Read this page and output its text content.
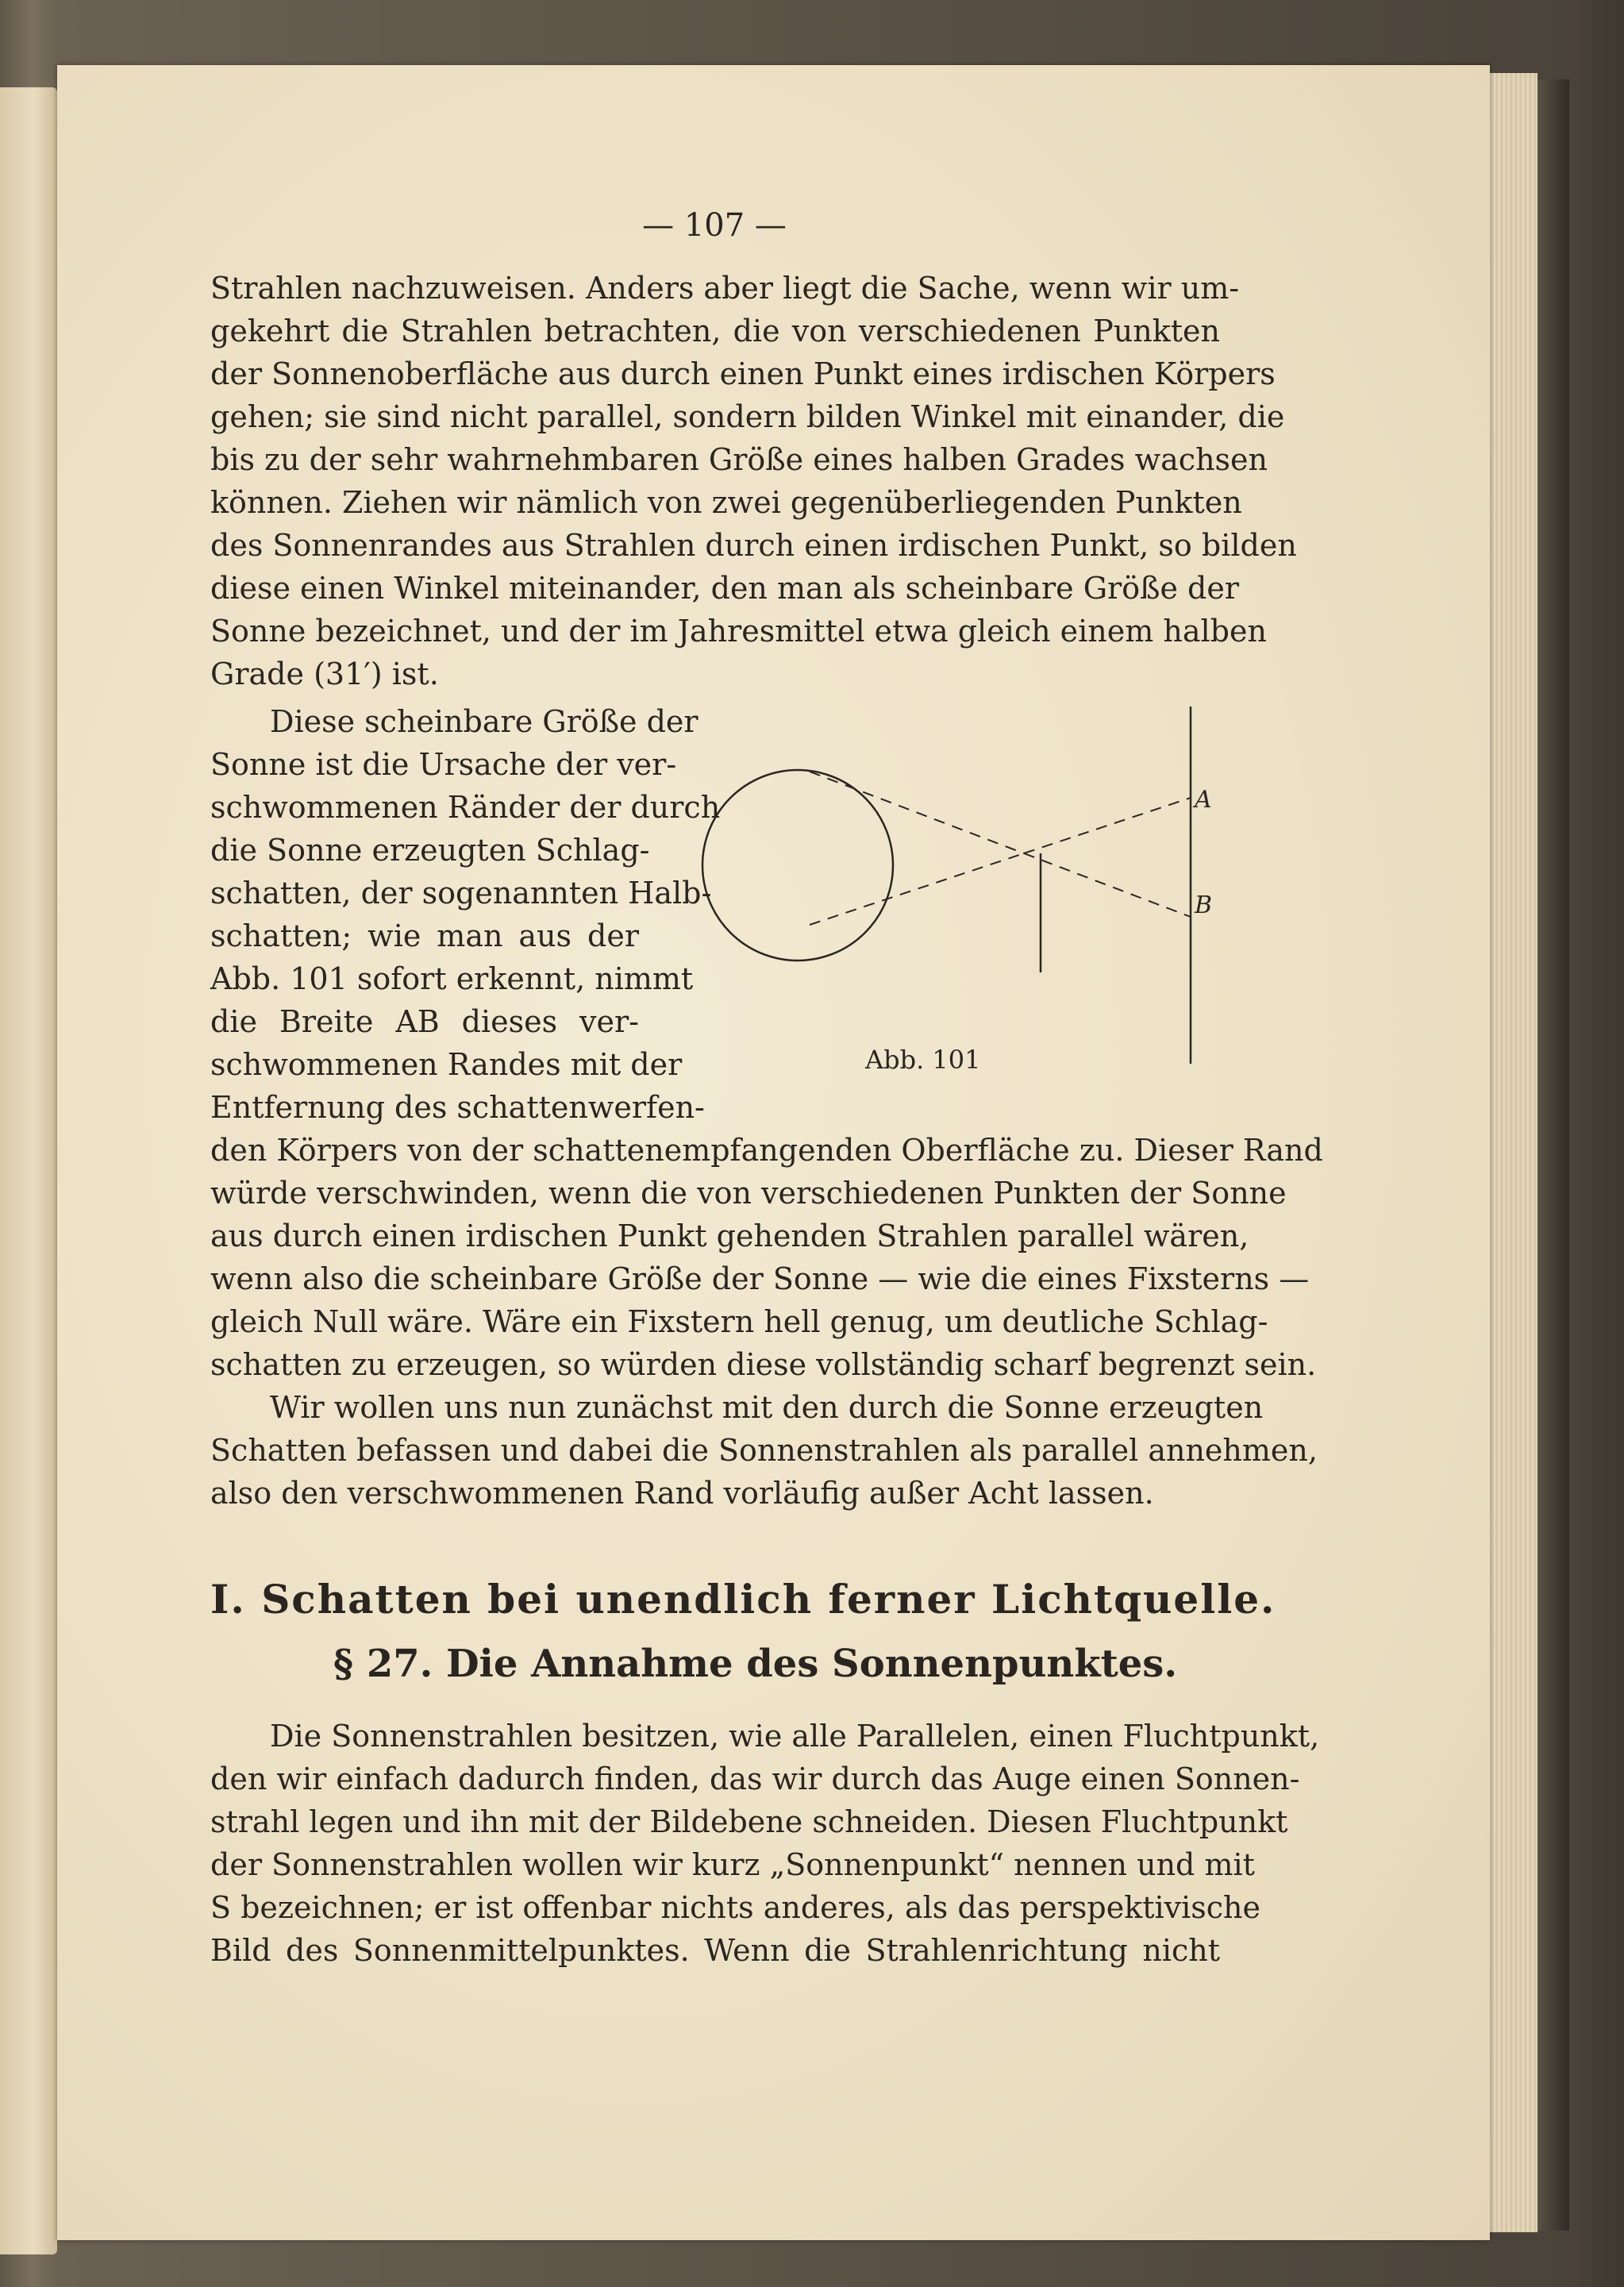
— 107 —
Strahlen nachzuweisen. Anders aber liegt die Sache, wenn wir um-
gekehrt die Strahlen betrachten, die von verschiedenen Punkten
der Sonnenoberfläche aus durch einen Punkt eines irdischen Körpers
gehen; sie sind nicht parallel, sondern bilden Winkel mit einander, die
bis zu der sehr wahrnehmbaren Größe eines halben Grades wachsen
können. Ziehen wir nämlich von zwei gegenüberliegenden Punkten
des Sonnenrandes aus Strahlen durch einen irdischen Punkt, so bilden
diese einen Winkel miteinander, den man als scheinbare Größe der
Sonne bezeichnet, und der im Jahresmittel etwa gleich einem halben
Grade (31′) ist.
Diese scheinbare Größe der
Sonne ist die Ursache der ver-
schwommenen Ränder der durch
die Sonne erzeugten Schlag-
schatten, der sogenannten Halb-
schatten; wie man aus der
Abb. 101 sofort erkennt, nimmt
die Breite AB dieses ver-
schwommenen Randes mit der
Entfernung des schattenwerfen-
A
B
Abb. 101
den Körpers von der schattenempfangenden Oberfläche zu. Dieser Rand
würde verschwinden, wenn die von verschiedenen Punkten der Sonne
aus durch einen irdischen Punkt gehenden Strahlen parallel wären,
wenn also die scheinbare Größe der Sonne — wie die eines Fixsterns —
gleich Null wäre. Wäre ein Fixstern hell genug, um deutliche Schlag-
schatten zu erzeugen, so würden diese vollständig scharf begrenzt sein.
Wir wollen uns nun zunächst mit den durch die Sonne erzeugten
Schatten befassen und dabei die Sonnenstrahlen als parallel annehmen,
also den verschwommenen Rand vorläufig außer Acht lassen.
I. Schatten bei unendlich ferner Lichtquelle.
§ 27. Die Annahme des Sonnenpunktes.
Die Sonnenstrahlen besitzen, wie alle Parallelen, einen Fluchtpunkt,
den wir einfach dadurch finden, das wir durch das Auge einen Sonnen-
strahl legen und ihn mit der Bildebene schneiden. Diesen Fluchtpunkt
der Sonnenstrahlen wollen wir kurz „Sonnenpunkt“ nennen und mit
S bezeichnen; er ist offenbar nichts anderes, als das perspektivische
Bild des Sonnenmittelpunktes. Wenn die Strahlenrichtung nicht
